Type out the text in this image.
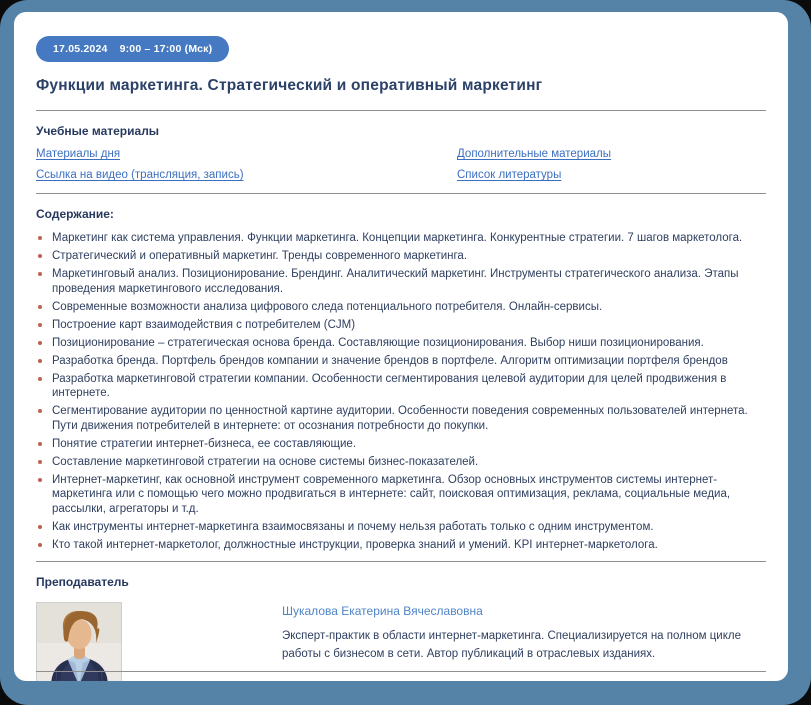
17.05.2024 9:00 – 17:00 (Мск)
Функции маркетинга. Стратегический и оперативный маркетинг
Учебные материалы
Материалы дня	Дополнительные материалы
Ссылка на видео (трансляция, запись)	Список литературы
Содержание:
Маркетинг как система управления. Функции маркетинга. Концепции маркетинга. Конкурентные стратегии. 7 шагов маркетолога.
Стратегический и оперативный маркетинг. Тренды современного маркетинга.
Маркетинговый анализ. Позиционирование. Брендинг. Аналитический маркетинг. Инструменты стратегического анализа. Этапы проведения маркетингового исследования.
Современные возможности анализа цифрового следа потенциального потребителя. Онлайн-сервисы.
Построение карт взаимодействия с потребителем (CJM)
Позиционирование – стратегическая основа бренда. Составляющие позиционирования. Выбор ниши позиционирования.
Разработка бренда. Портфель брендов компании и значение брендов в портфеле. Алгоритм оптимизации портфеля брендов
Разработка маркетинговой стратегии компании. Особенности сегментирования целевой аудитории для целей продвижения в интернете.
Сегментирование аудитории по ценностной картине аудитории. Особенности поведения современных пользователей интернета. Пути движения потребителей в интернете: от осознания потребности до покупки.
Понятие стратегии интернет-бизнеса, ее составляющие.
Составление маркетинговой стратегии на основе системы бизнес-показателей.
Интернет-маркетинг, как основной инструмент современного маркетинга. Обзор основных инструментов системы интернет-маркетинга или с помощью чего можно продвигаться в интернете: сайт, поисковая оптимизация, реклама, социальные медиа, рассылки, агрегаторы и т.д.
Как инструменты интернет-маркетинга взаимосвязаны и почему нельзя работать только с одним инструментом.
Кто такой интернет-маркетолог, должностные инструкции, проверка знаний и умений. KPI интернет-маркетолога.
Преподаватель
Шукалова Екатерина Вячеславовна

Эксперт-практик в области интернет-маркетинга. Специализируется на полном цикле работы с бизнесом в сети. Автор публикаций в отраслевых изданиях.
